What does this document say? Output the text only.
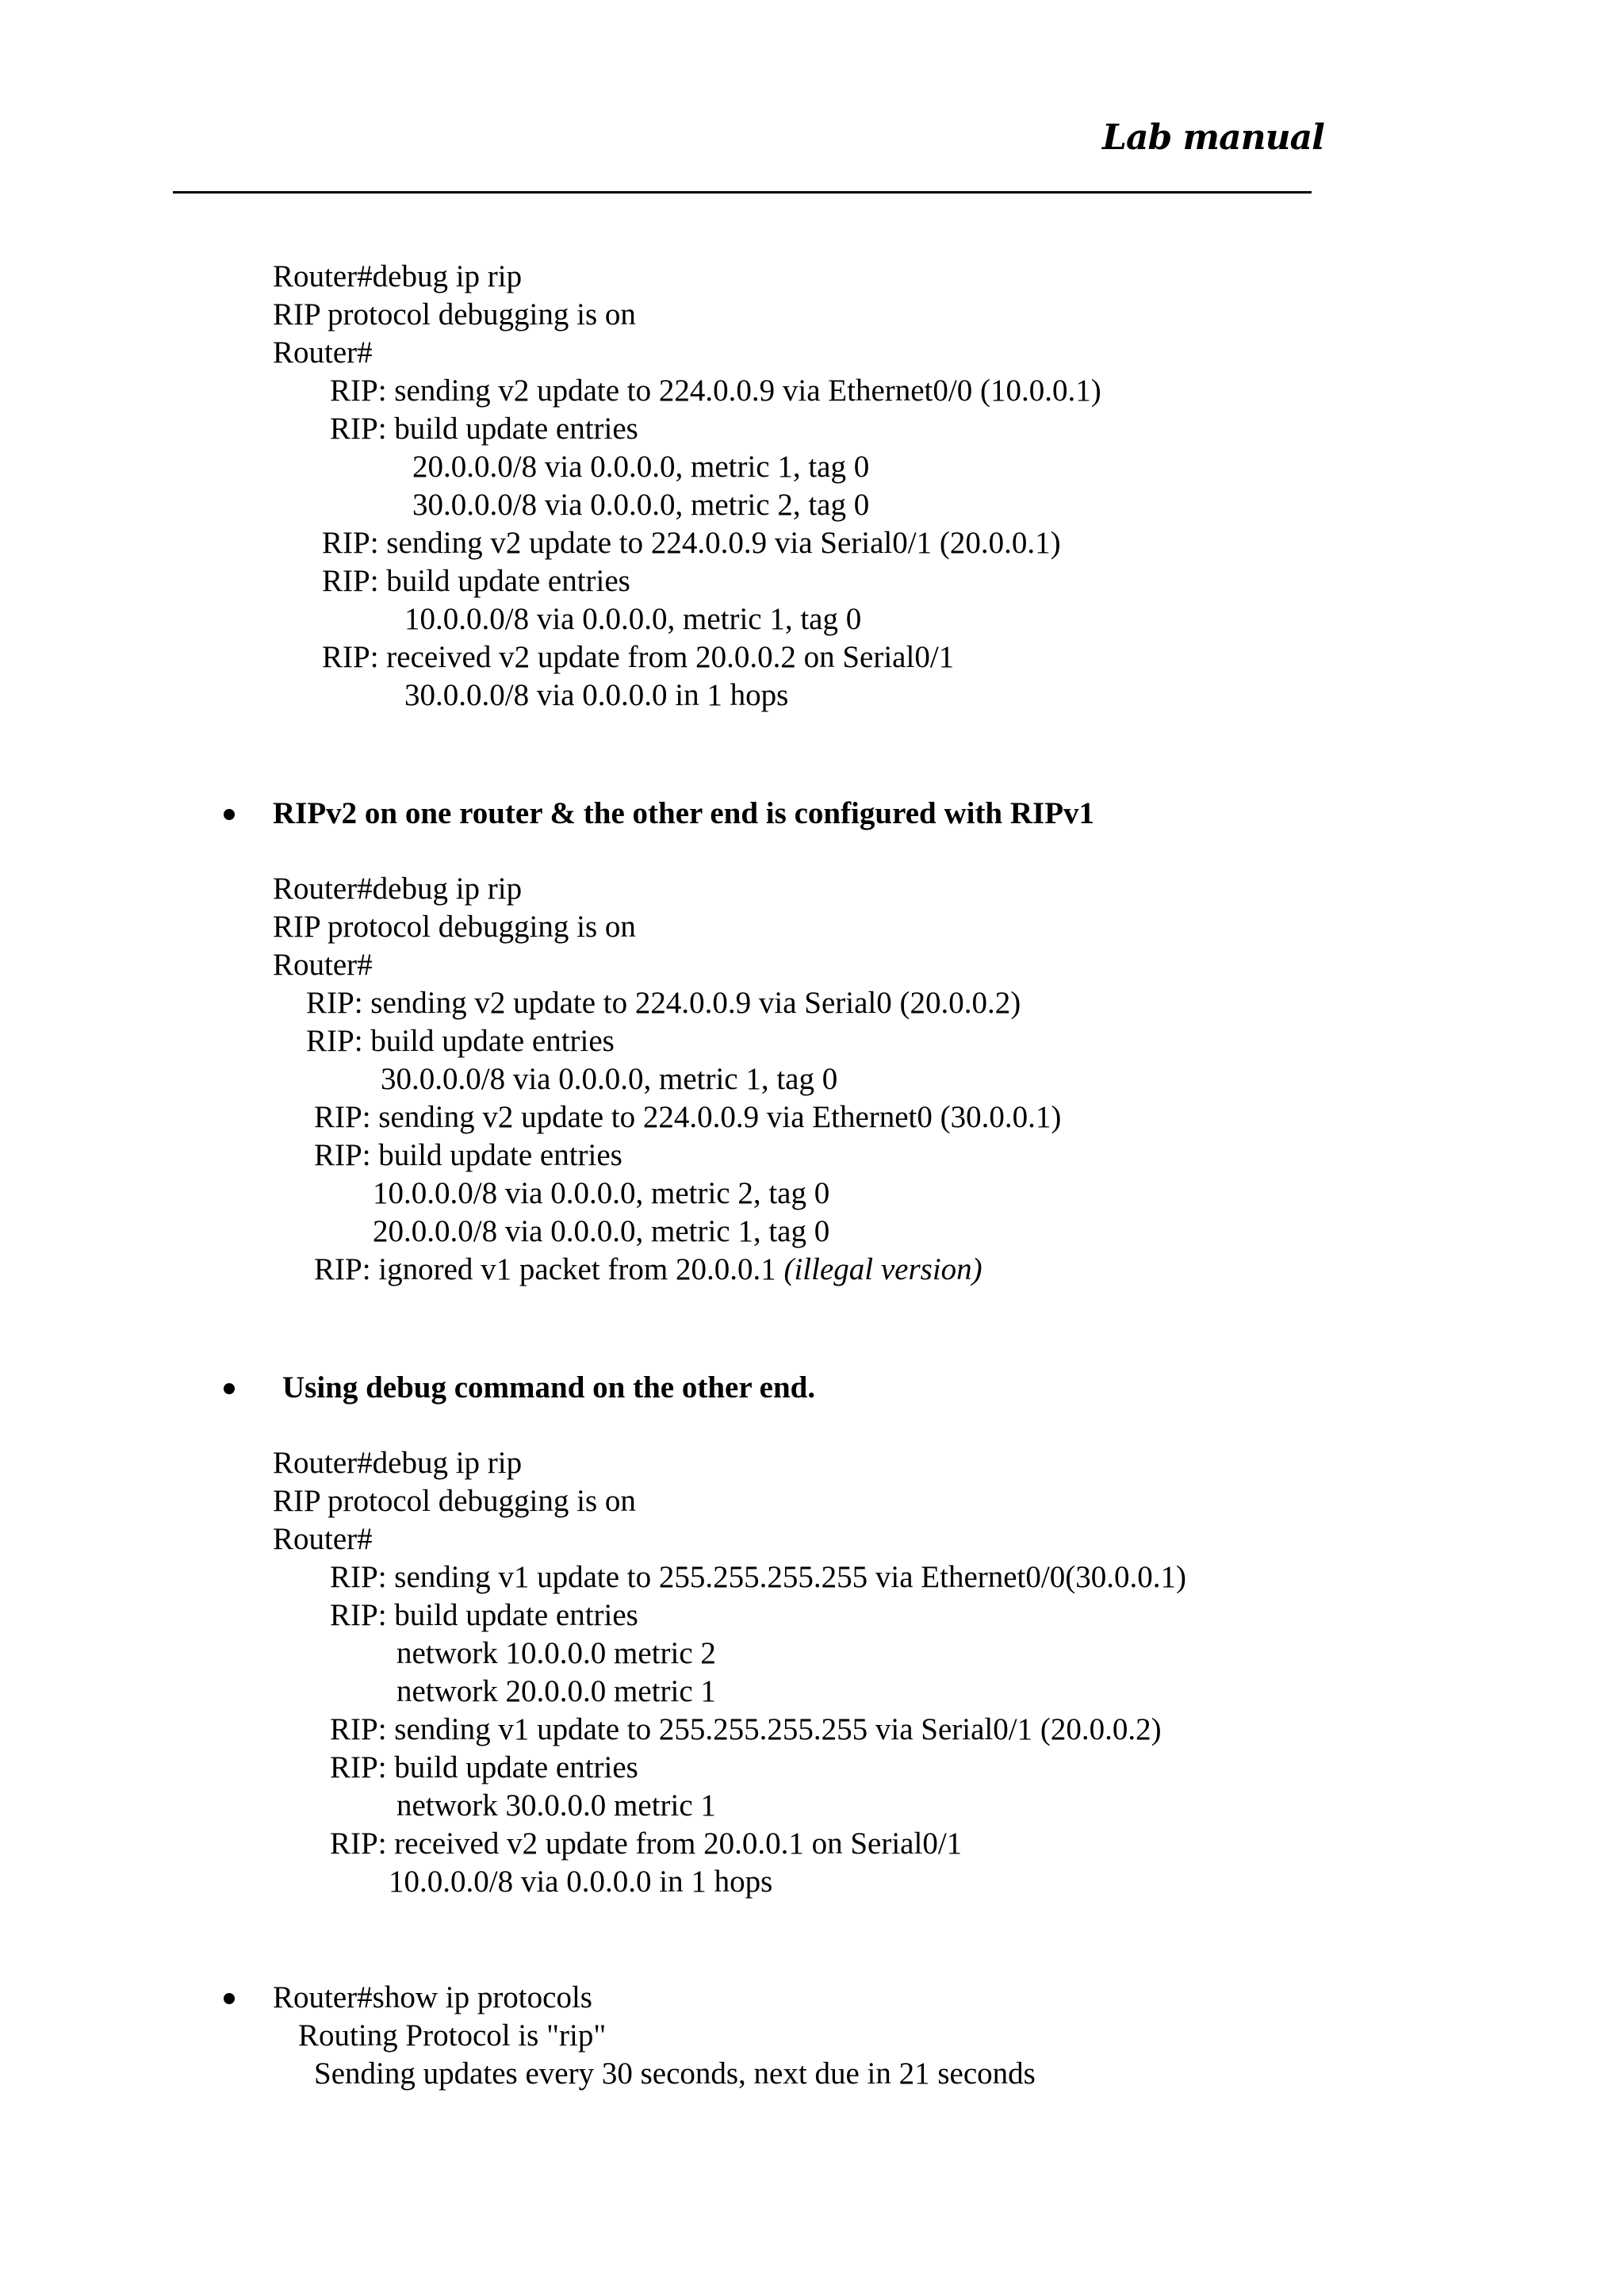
Lab manual
Router#debug ip rip
RIP protocol debugging is on
Router#
RIP: sending v2 update to 224.0.0.9 via Ethernet0/0 (10.0.0.1)
RIP: build update entries
20.0.0.0/8 via 0.0.0.0, metric 1, tag 0
30.0.0.0/8 via 0.0.0.0, metric 2, tag 0
RIP: sending v2 update to 224.0.0.9 via Serial0/1 (20.0.0.1)
RIP: build update entries
10.0.0.0/8 via 0.0.0.0, metric 1, tag 0
RIP: received v2 update from 20.0.0.2 on Serial0/1
30.0.0.0/8 via 0.0.0.0 in 1 hops
RIPv2 on one router & the other end is configured with RIPv1
Router#debug ip rip
RIP protocol debugging is on
Router#
RIP: sending v2 update to 224.0.0.9 via Serial0 (20.0.0.2)
RIP: build update entries
30.0.0.0/8 via 0.0.0.0, metric 1, tag 0
RIP: sending v2 update to 224.0.0.9 via Ethernet0 (30.0.0.1)
RIP: build update entries
10.0.0.0/8 via 0.0.0.0, metric 2, tag 0
20.0.0.0/8 via 0.0.0.0, metric 1, tag 0
RIP: ignored v1 packet from 20.0.0.1 (illegal version)
Using debug command on the other end.
Router#debug ip rip
RIP protocol debugging is on
Router#
RIP: sending v1 update to 255.255.255.255 via Ethernet0/0(30.0.0.1)
RIP: build update entries
network 10.0.0.0 metric 2
network 20.0.0.0 metric 1
RIP: sending v1 update to 255.255.255.255 via Serial0/1 (20.0.0.2)
RIP: build update entries
network 30.0.0.0 metric 1
RIP: received v2 update from 20.0.0.1 on Serial0/1
10.0.0.0/8 via 0.0.0.0 in 1 hops
Router#show ip protocols
Routing Protocol is "rip"
Sending updates every 30 seconds, next due in 21 seconds
